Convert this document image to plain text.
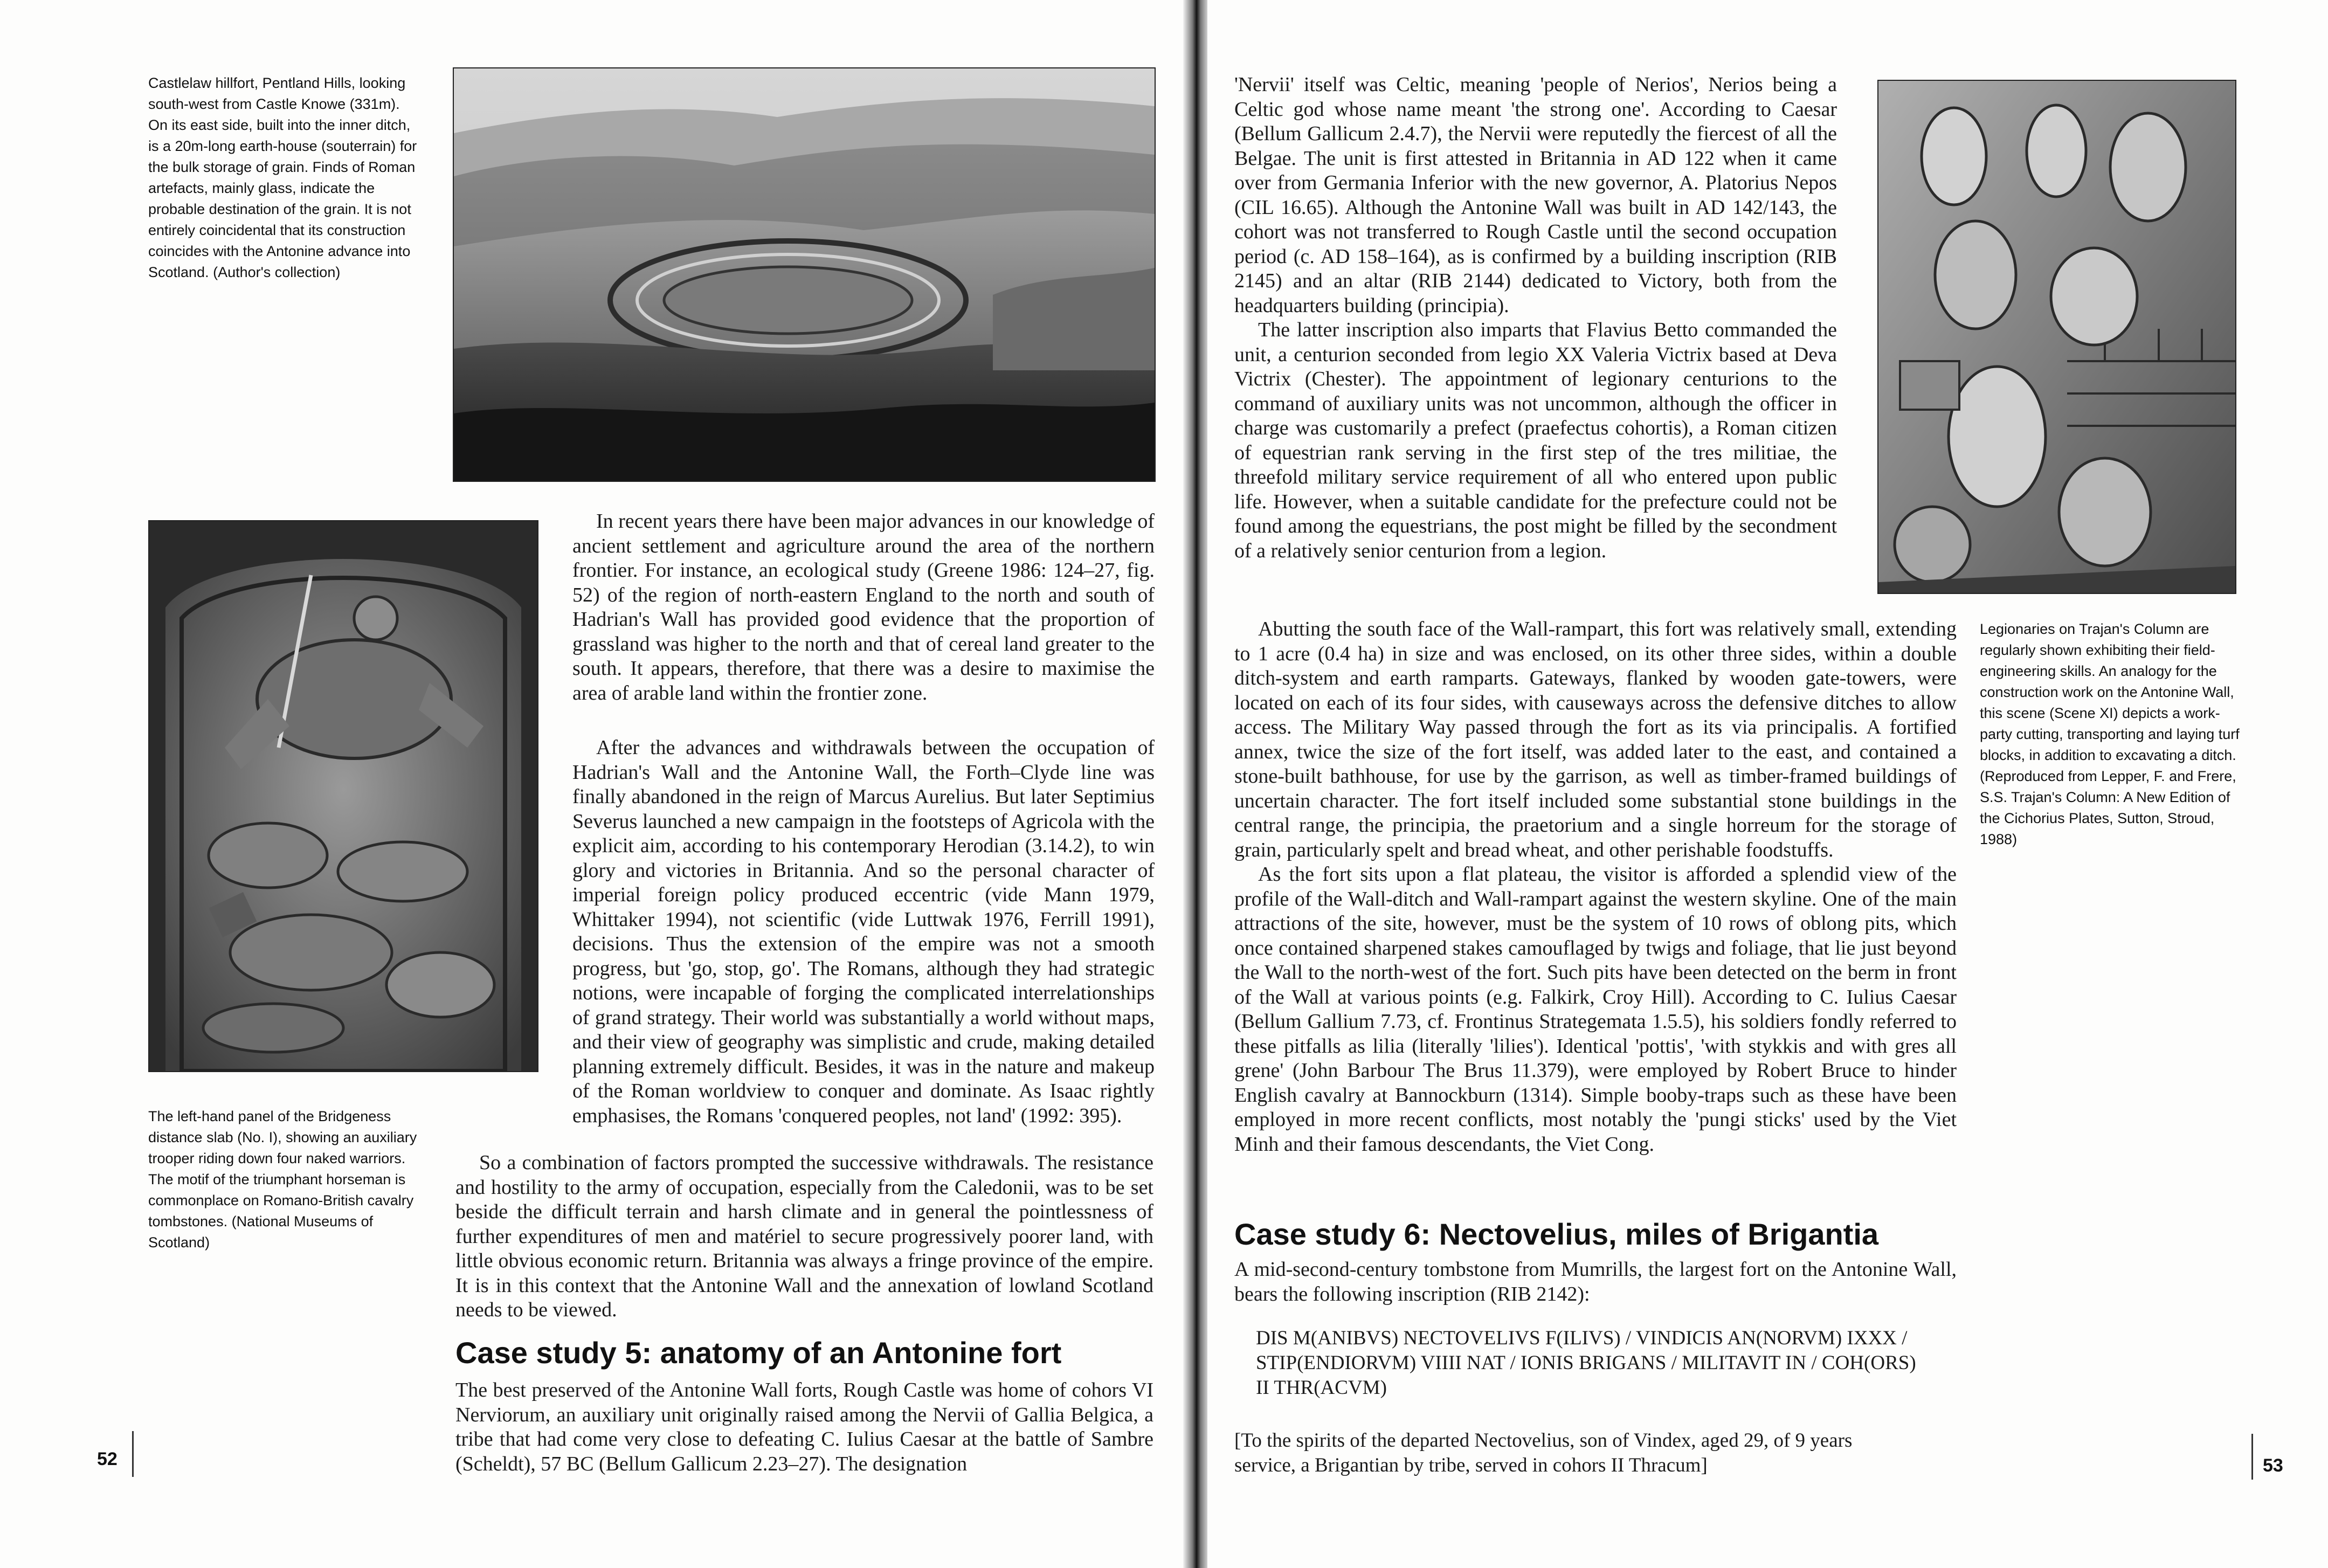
Castlelaw hillfort, Pentland Hills, looking south-west from Castle Knowe (331m). On its east side, built into the inner ditch, is a 20m-long earth-house (souterrain) for the bulk storage of grain. Finds of Roman artefacts, mainly glass, indicate the probable destination of the grain. It is not entirely coincidental that its construction coincides with the Antonine advance into Scotland. (Author's collection)

The left-hand panel of the Bridgeness distance slab (No. I), showing an auxiliary trooper riding down four naked warriors. The motif of the triumphant horseman is commonplace on Romano-British cavalry tombstones. (National Museums of Scotland)

In recent years there have been major advances in our knowledge of ancient settlement and agriculture around the area of the northern frontier. For instance, an ecological study (Greene 1986: 124–27, fig. 52) of the region of north-eastern England to the north and south of Hadrian's Wall has provided good evidence that the proportion of grassland was higher to the north and that of cereal land greater to the south. It appears, therefore, that there was a desire to maximise the area of arable land within the frontier zone.

After the advances and withdrawals between the occupation of Hadrian's Wall and the Antonine Wall, the Forth–Clyde line was finally abandoned in the reign of Marcus Aurelius. But later Septimius Severus launched a new campaign in the footsteps of Agricola with the explicit aim, according to his contemporary Herodian (3.14.2), to win glory and victories in Britannia. And so the personal character of imperial foreign policy produced eccentric (vide Mann 1979, Whittaker 1994), not scientific (vide Luttwak 1976, Ferrill 1991), decisions. Thus the extension of the empire was not a smooth progress, but 'go, stop, go'. The Romans, although they had strategic notions, were incapable of forging the complicated interrelationships of grand strategy. Their world was substantially a world without maps, and their view of geography was simplistic and crude, making detailed planning extremely difficult. Besides, it was in the nature and makeup of the Roman worldview to conquer and dominate. As Isaac rightly emphasises, the Romans 'conquered peoples, not land' (1992: 395).

So a combination of factors prompted the successive withdrawals. The resistance and hostility to the army of occupation, especially from the Caledonii, was to be set beside the difficult terrain and harsh climate and in general the pointlessness of further expenditures of men and matériel to secure progressively poorer land, with little obvious economic return. Britannia was always a fringe province of the empire. It is in this context that the Antonine Wall and the annexation of lowland Scotland needs to be viewed.

Case study 5: anatomy of an Antonine fort

The best preserved of the Antonine Wall forts, Rough Castle was home of cohors VI Nerviorum, an auxiliary unit originally raised among the Nervii of Gallia Belgica, a tribe that had come very close to defeating C. Iulius Caesar at the battle of Sambre (Scheldt), 57 BC (Bellum Gallicum 2.23–27). The designation

52

'Nervii' itself was Celtic, meaning 'people of Nerios', Nerios being a Celtic god whose name meant 'the strong one'. According to Caesar (Bellum Gallicum 2.4.7), the Nervii were reputedly the fiercest of all the Belgae. The unit is first attested in Britannia in AD 122 when it came over from Germania Inferior with the new governor, A. Platorius Nepos (CIL 16.65). Although the Antonine Wall was built in AD 142/143, the cohort was not transferred to Rough Castle until the second occupation period (c. AD 158–164), as is confirmed by a building inscription (RIB 2145) and an altar (RIB 2144) dedicated to Victory, both from the headquarters building (principia).

The latter inscription also imparts that Flavius Betto commanded the unit, a centurion seconded from legio XX Valeria Victrix based at Deva Victrix (Chester). The appointment of legionary centurions to the command of auxiliary units was not uncommon, although the officer in charge was customarily a prefect (praefectus cohortis), a Roman citizen of equestrian rank serving in the first step of the tres militiae, the threefold military service requirement of all who entered upon public life. However, when a suitable candidate for the prefecture could not be found among the equestrians, the post might be filled by the secondment of a relatively senior centurion from a legion.

Legionaries on Trajan's Column are regularly shown exhibiting their field-engineering skills. An analogy for the construction work on the Antonine Wall, this scene (Scene XI) depicts a work-party cutting, transporting and laying turf blocks, in addition to excavating a ditch. (Reproduced from Lepper, F. and Frere, S.S. Trajan's Column: A New Edition of the Cichorius Plates, Sutton, Stroud, 1988)

Abutting the south face of the Wall-rampart, this fort was relatively small, extending to 1 acre (0.4 ha) in size and was enclosed, on its other three sides, within a double ditch-system and earth ramparts. Gateways, flanked by wooden gate-towers, were located on each of its four sides, with causeways across the defensive ditches to allow access. The Military Way passed through the fort as its via principalis. A fortified annex, twice the size of the fort itself, was added later to the east, and contained a stone-built bathhouse, for use by the garrison, as well as timber-framed buildings of uncertain character. The fort itself included some substantial stone buildings in the central range, the principia, the praetorium and a single horreum for the storage of grain, particularly spelt and bread wheat, and other perishable foodstuffs.

As the fort sits upon a flat plateau, the visitor is afforded a splendid view of the profile of the Wall-ditch and Wall-rampart against the western skyline. One of the main attractions of the site, however, must be the system of 10 rows of oblong pits, which once contained sharpened stakes camouflaged by twigs and foliage, that lie just beyond the Wall to the north-west of the fort. Such pits have been detected on the berm in front of the Wall at various points (e.g. Falkirk, Croy Hill). According to C. Iulius Caesar (Bellum Gallium 7.73, cf. Frontinus Strategemata 1.5.5), his soldiers fondly referred to these pitfalls as lilia (literally 'lilies'). Identical 'pottis', 'with stykkis and with gres all grene' (John Barbour The Brus 11.379), were employed by Robert Bruce to hinder English cavalry at Bannockburn (1314). Simple booby-traps such as these have been employed in more recent conflicts, most notably the 'pungi sticks' used by the Viet Minh and their famous descendants, the Viet Cong.

Case study 6: Nectovelius, miles of Brigantia

A mid-second-century tombstone from Mumrills, the largest fort on the Antonine Wall, bears the following inscription (RIB 2142):

DIS M(ANIBVS) NECTOVELIVS F(ILIVS) / VINDICIS AN(NORVM) IXXX / STIP(ENDIORVM) VIIII NAT / IONIS BRIGANS / MILITAVIT IN / COH(ORS) II THR(ACVM)

[To the spirits of the departed Nectovelius, son of Vindex, aged 29, of 9 years service, a Brigantian by tribe, served in cohors II Thracum]	53
